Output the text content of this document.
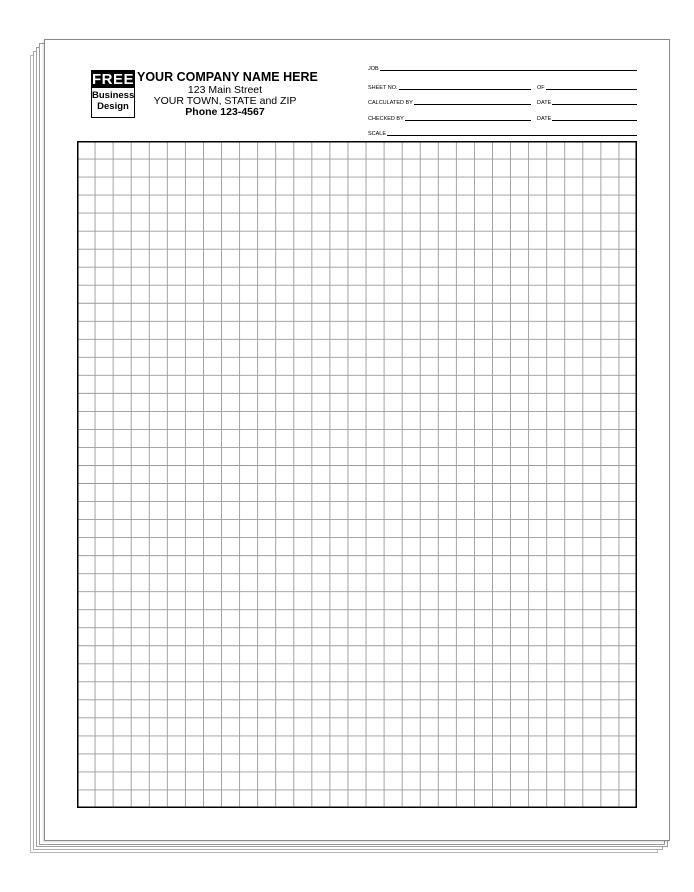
FREE
Business
Design
YOUR COMPANY NAME HERE
123 Main Street
YOUR TOWN, STATE and ZIP
Phone 123-4567
JOB
SHEET NO.	OF
CALCULATED BY	DATE
CHECKED BY	DATE
SCALE
